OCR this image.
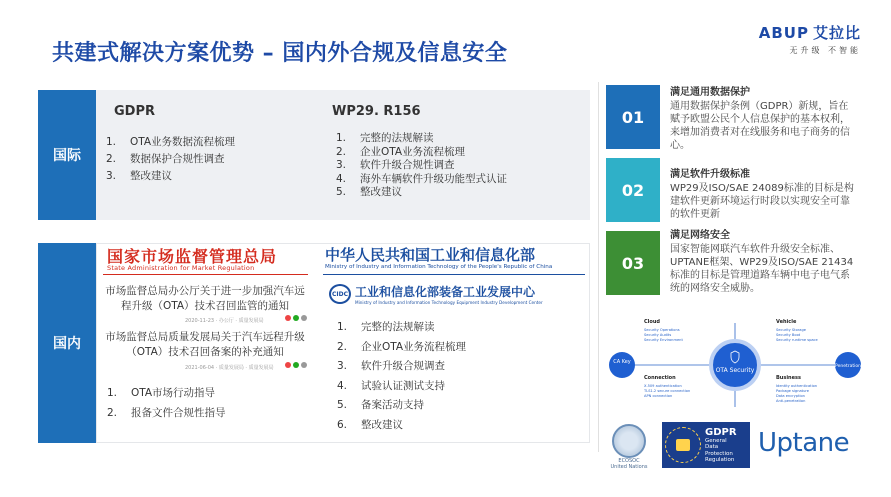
共建式解决方案优势 – 国内外合规及信息安全
ABUP 艾拉比
无升级 不智能
国际
GDPR
1.	OTA业务数据流程梳理
2.	数据保护合规性调查
3.	整改建议
WP29. R156
1.	完整的法规解读
2.	企业OTA业务流程梳理
3.	软件升级合规性调查
4.	海外车辆软件升级功能型式认证
5.	整改建议
国内
国家市场监督管理总局
State Administration for Market Regulation
中华人民共和国工业和信息化部
Ministry of Industry and Information Technology of the People's Republic of China
市场监督总局办公厅关于进一步加强汽车远程升级（OTA）技术召回监管的通知
2020-11-23 · 办公厅 · 质量发展局
市场监督总局质量发展局关于汽车远程升级（OTA）技术召回备案的补充通知
2021-06-04 · 质量发展局 · 质量发展局
1.	OTA市场行动指导
2.	报备文件合规性指导
CIDC 工业和信息化部装备工业发展中心
Ministry of Industry and Information Technology Equipment Industry Development Center
1.	完整的法规解读
2.	企业OTA业务流程梳理
3.	软件升级合规调查
4.	试验认证测试支持
5.	备案活动支持
6.	整改建议
01
满足通用数据保护
通用数据保护条例（GDPR）新规，旨在赋予欧盟公民个人信息保护的基本权利，来增加消费者对在线服务和电子商务的信心。
02
满足软件升级标准
WP29及ISO/SAE 24089标准的目标是构建软件更新环境运行时段以实现安全可靠的软件更新
03
满足网络安全
国家智能网联汽车软件升级安全标准、UPTANE框架、WP29及ISO/SAE 21434标准的目标是管理道路车辆中电子电气系统的网络安全威胁。
CA Key
Penetration
OTA Security
Cloud
Security Operations
Security Audits
Security Environment
Vehicle
Security Storage
Security Boot
Security runtime space
Connection
X.509 authentication
TLS1.2 secure connection
APN connection
Business
Identity authentication
Package signature
Data encryption
Anti-penetration
ECOSOC
United Nations
GDPR
General
Data
Protection
Regulation
Uptane
